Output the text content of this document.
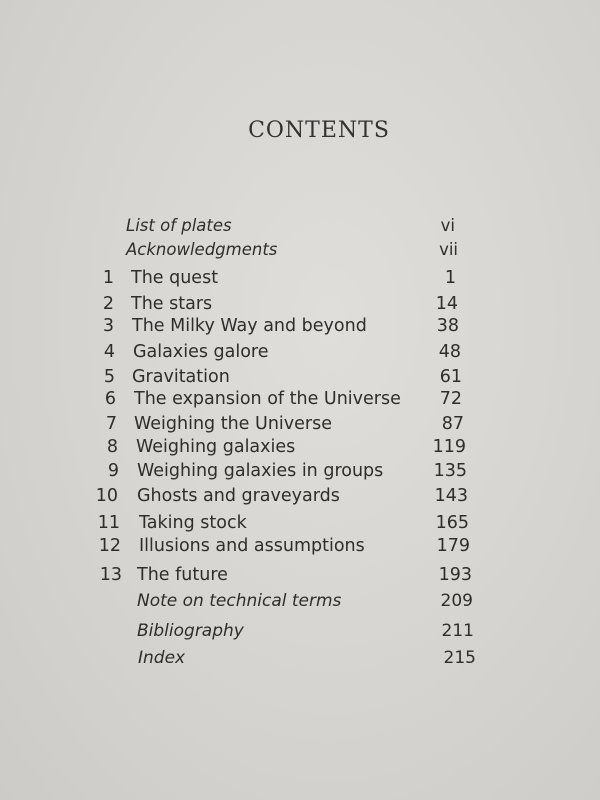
CONTENTS
List of plates	vi
Acknowledgments	vii
1 The quest	1
2 The stars	14
3 The Milky Way and beyond	38
4 Galaxies galore	48
5 Gravitation	61
6 The expansion of the Universe	72
7 Weighing the Universe	87
8 Weighing galaxies	119
9 Weighing galaxies in groups	135
10 Ghosts and graveyards	143
11 Taking stock	165
12 Illusions and assumptions	179
13 The future	193
Note on technical terms	209
Bibliography	211
Index	215
